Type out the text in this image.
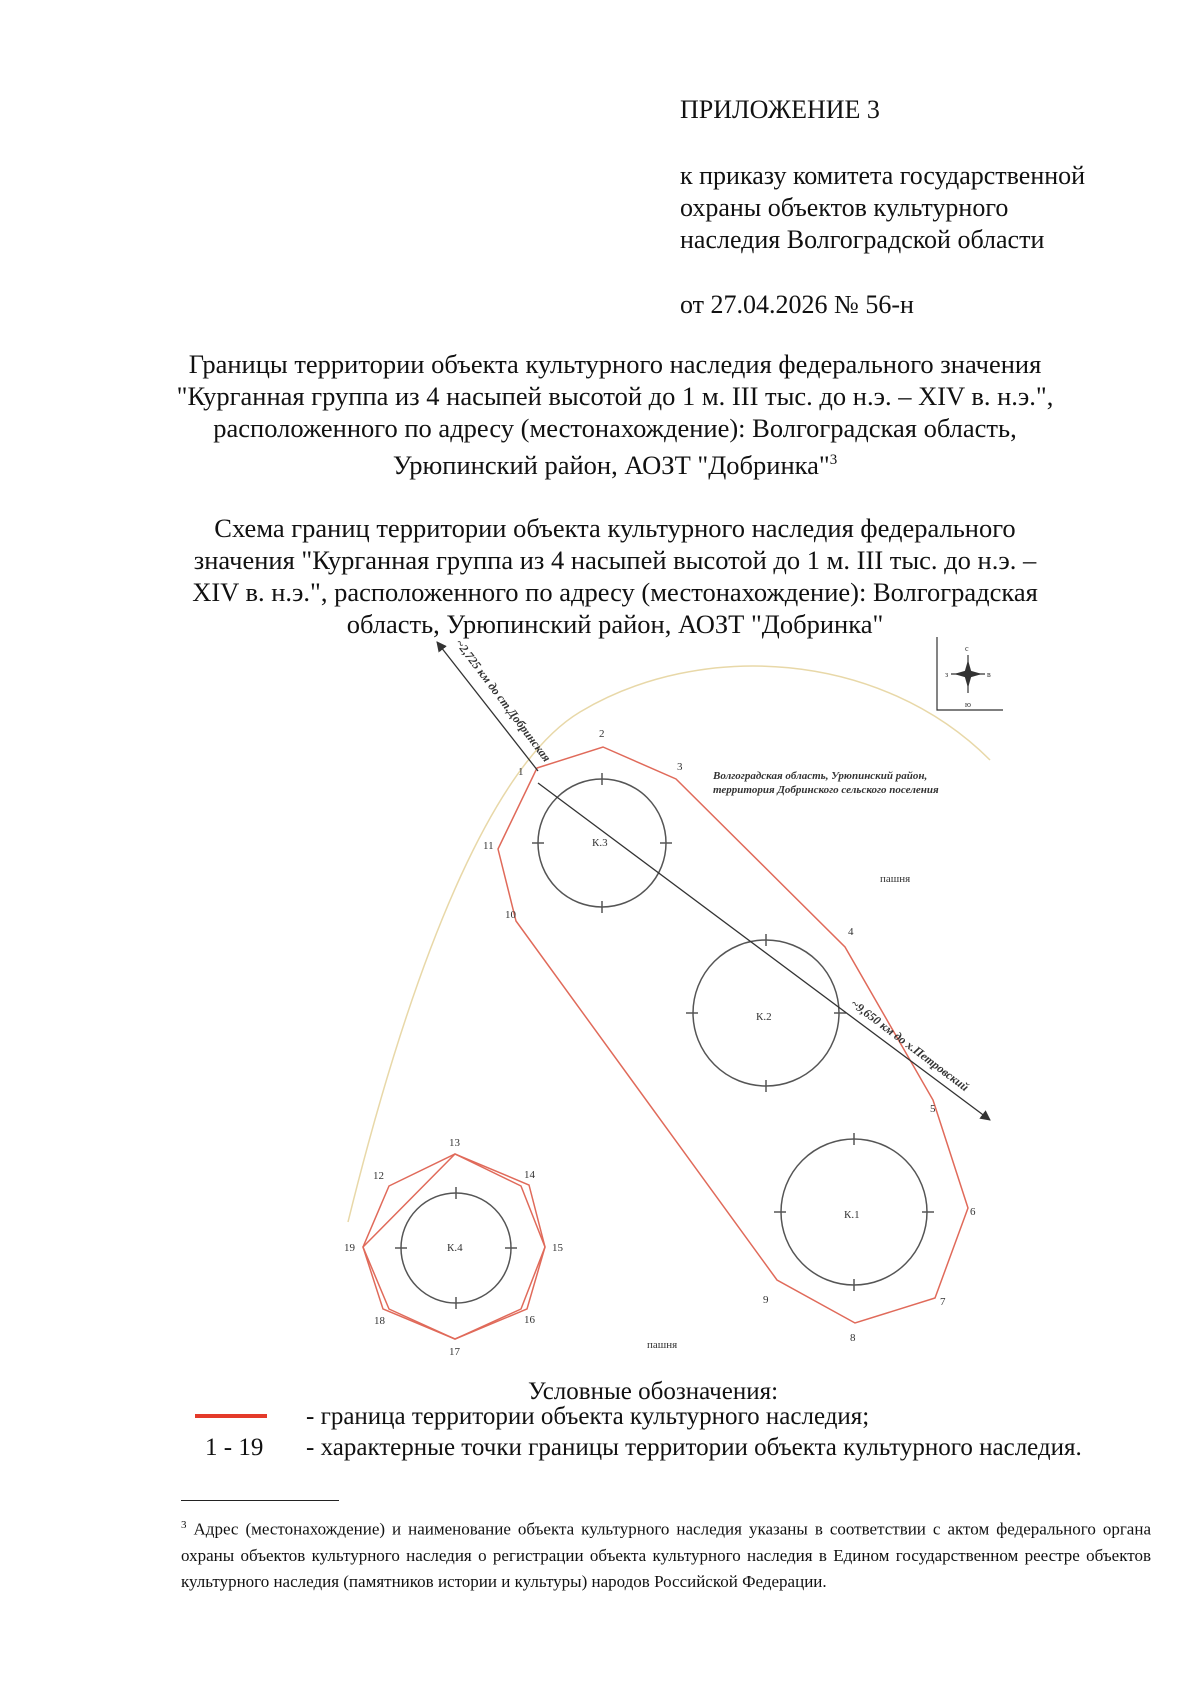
ПРИЛОЖЕНИЕ 3
к приказу комитета государственной
охраны объектов культурного
наследия Волгоградской области
от 27.04.2026 № 56-н
Границы территории объекта культурного наследия федерального значения
"Курганная группа из 4 насыпей высотой до 1 м. III тыс. до н.э. – XIV в. н.э.",
расположенного по адресу (местонахождение): Волгоградская область,
Урюпинский район, АОЗТ "Добринка"$^3$
Схема границ территории объекта культурного наследия федерального
значения "Курганная группа из 4 насыпей высотой до 1 м. III тыс. до н.э. –
XIV в. н.э.", расположенного по адресу (местонахождение): Волгоградская
область, Урюпинский район, АОЗТ "Добринка"
К.3
К.2
К.1
К.4
~2,725 км до ст.Добринская
~9,650 км до х.Петровский
Волгоградская область, Урюпинский район,
территория Добринского сельского поселения
пашня
пашня
с
ю
в
з
1
2
3
4
5
6
7
8
9
10
11
12
13
14
15
16
17
18
19
Условные обозначения:
- граница территории объекта культурного наследия;
1 - 19 - характерные точки границы территории объекта культурного наследия.
$^3$ Адрес (местонахождение) и наименование объекта культурного наследия указаны в соответствии с актом федерального органа охраны объектов культурного наследия о регистрации объекта культурного наследия в Едином государственном реестре объектов культурного наследия (памятников истории и культуры) народов Российской Федерации.
